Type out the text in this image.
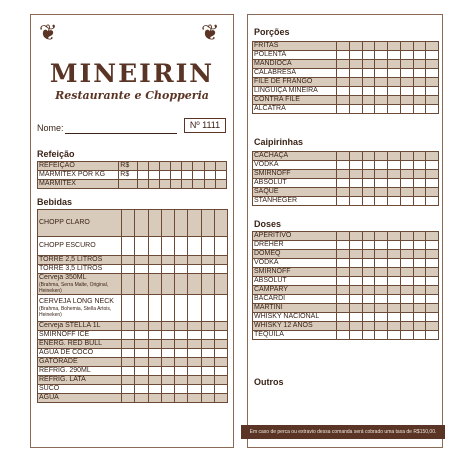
❦	❦
MINEIRIN
Restaurante e Chopperia
Nome:	Nº 1111
Refeição
REFEIÇÃO	R$								
MARMITEX POR KG	R$								
MARMITEX									
Bebidas
CHOPP CLARO								
CHOPP ESCURO								
TORRE 2,5 LITROS								
TORRE 3,5 LITROS								

Cerveja 350ML
(Brahma, Serra Malte, Original, Heineken)								

CERVEJA LONG NECK
(Brahma, Bohemia, Stella Artois, Heineken)								

Cerveja STELLA 1L								
SMIRNOFF ICE								
ENERG. RED BULL								
ÁGUA DE COCO								
GATORADE								
REFRIG. 290ML								
REFRIG. LATA								
SUCO								
ÁGUA								
Porções
FRITAS								
POLENTA								
MANDIOCA								
CALABRESA								
FILÉ DE FRANGO								
LINGUIÇA MINEIRA								
CONTRA FILÉ								
ALCATRA								
Caipirinhas
CACHAÇA								
VODKA								
SMIRNOFF								
ABSOLUT								
SAQUÊ								
STANHEGER								
Doses
APERITIVO								
DREHER								
DOMEQ								
VODKA								
SMIRNOFF								
ABSOLUT								
CAMPARY								
BACARDI								
MARTINI								
WHISKY NACIONAL								
WHISKY 12 ANOS								
TEQUILA								
Outros
Em caso de perca ou extravio dessa comanda será cobrado uma taxa de R$150,00.
